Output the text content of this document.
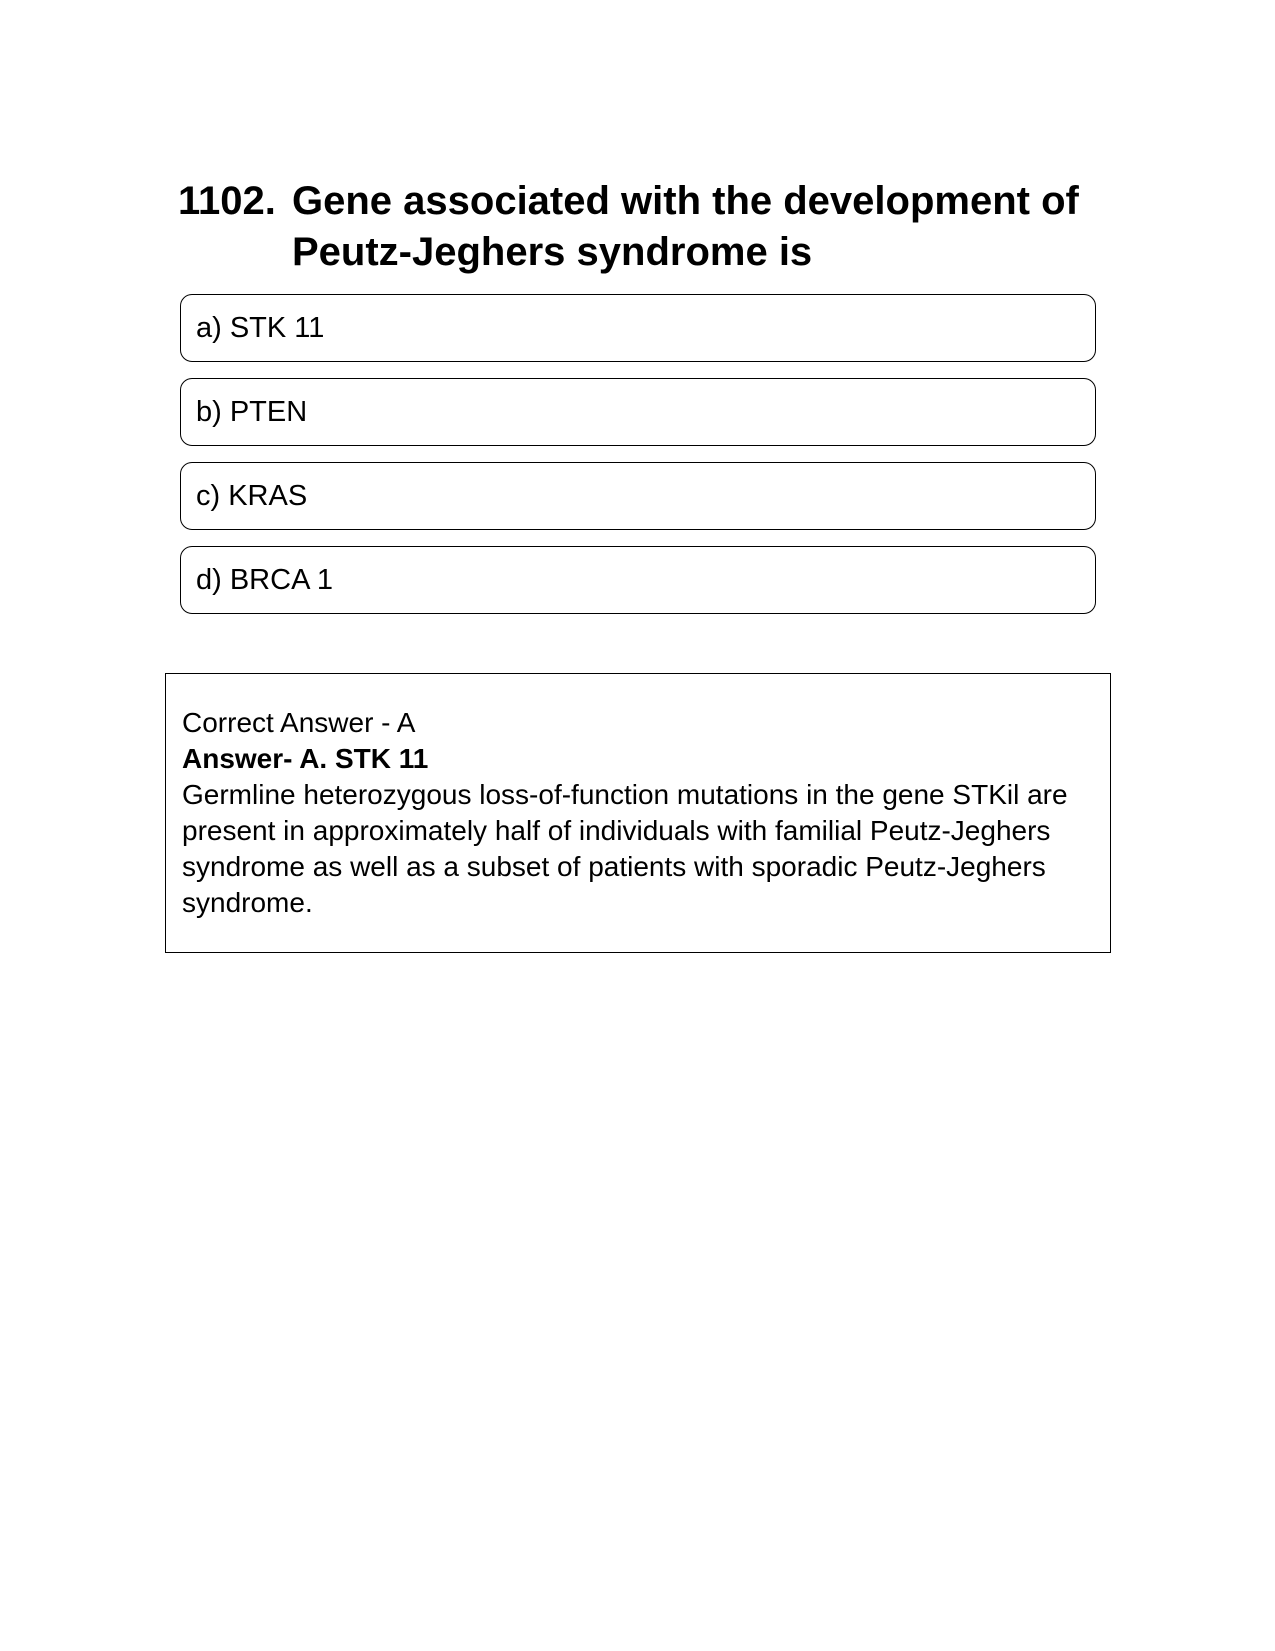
1102. Gene associated with the development of Peutz-Jeghers syndrome is
a) STK 11
b) PTEN
c) KRAS
d) BRCA 1
Correct Answer - A
Answer- A. STK 11
Germline heterozygous loss-of-function mutations in the gene STKil are present in approximately half of individuals with familial Peutz-Jeghers syndrome as well as a subset of patients with sporadic Peutz-Jeghers syndrome.
